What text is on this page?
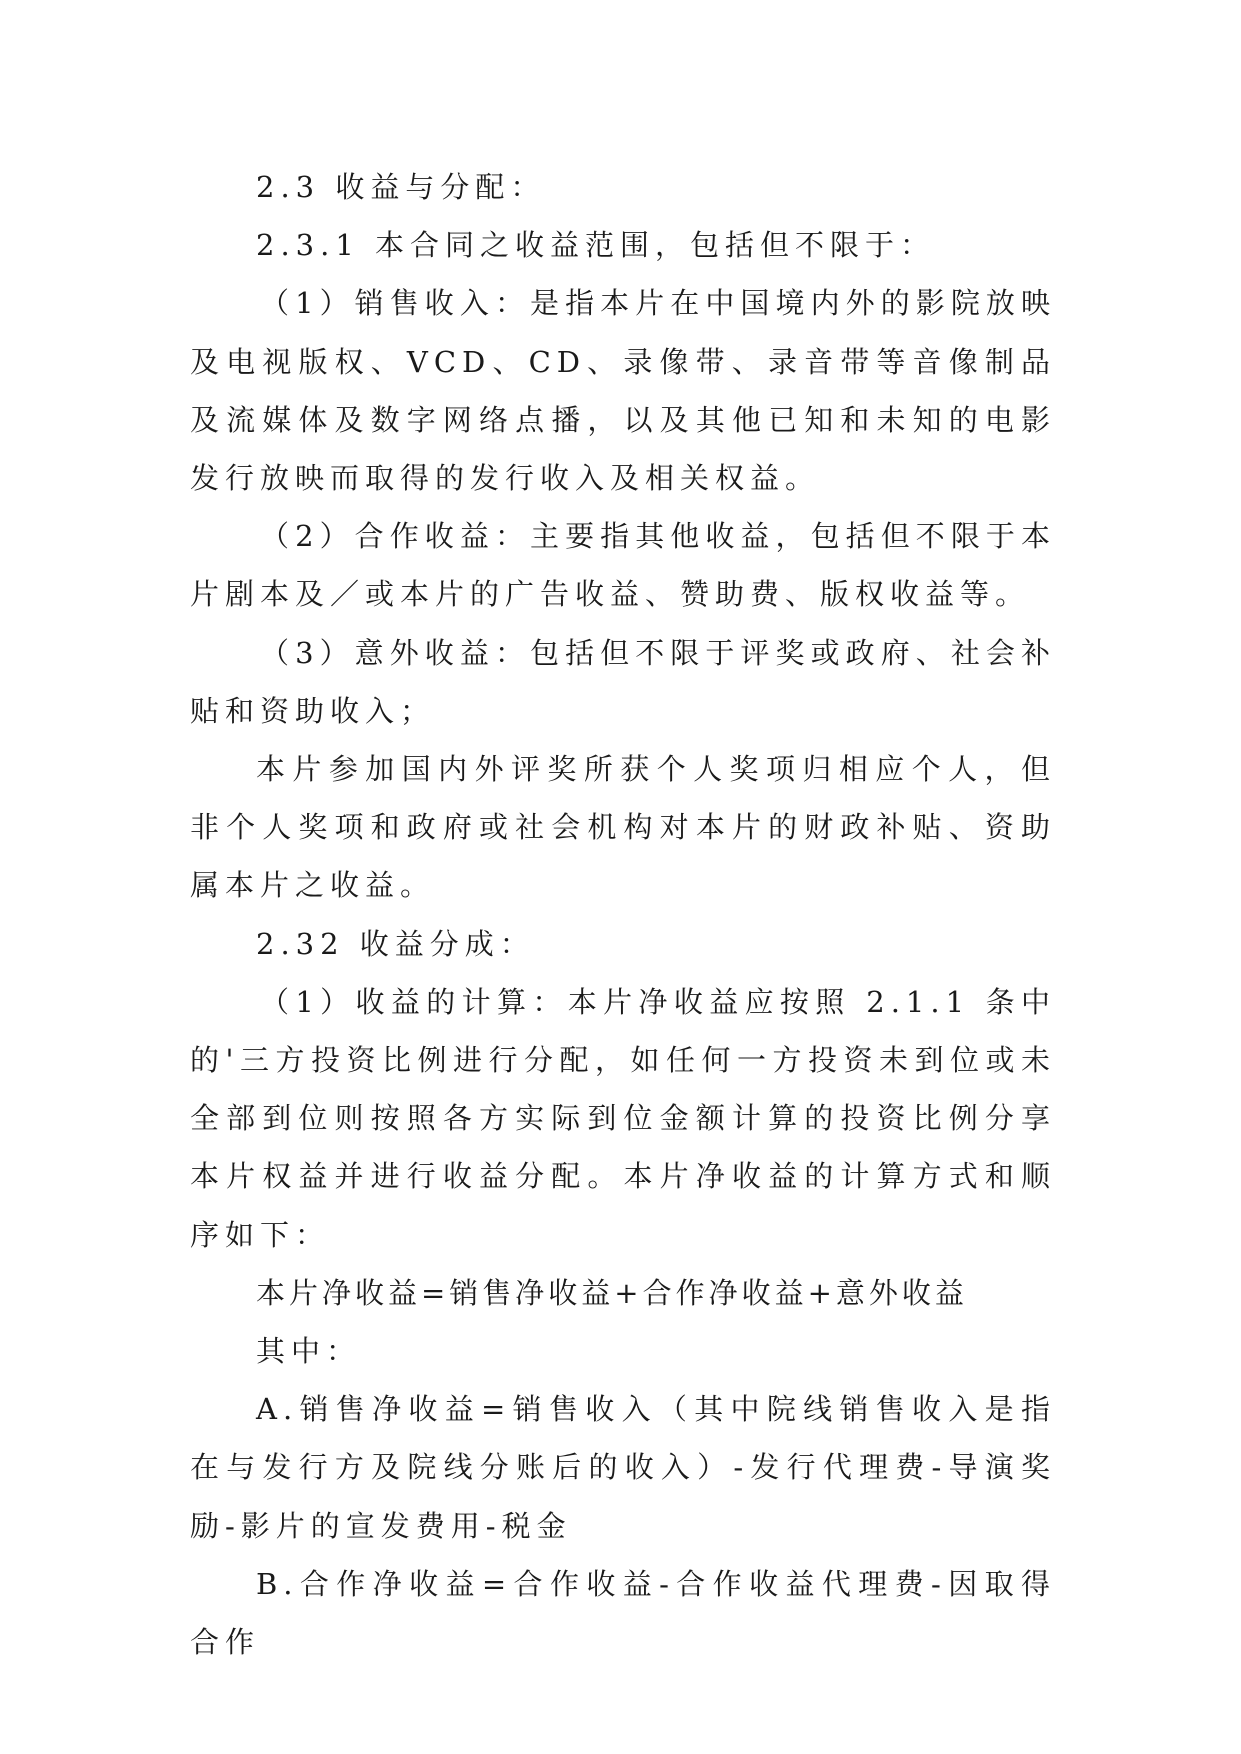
2.3 收益与分配：

2.3.1 本合同之收益范围，包括但不限于：

（1）销售收入：是指本片在中国境内外的影院放映及电视版权、VCD、CD、录像带、录音带等音像制品及流媒体及数字网络点播，以及其他已知和未知的电影发行放映而取得的发行收入及相关权益。

（2）合作收益：主要指其他收益，包括但不限于本片剧本及／或本片的广告收益、赞助费、版权收益等。

（3）意外收益：包括但不限于评奖或政府、社会补贴和资助收入；

本片参加国内外评奖所获个人奖项归相应个人，但非个人奖项和政府或社会机构对本片的财政补贴、资助属本片之收益。

2.32 收益分成：

（1）收益的计算：本片净收益应按照 2.1.1 条中的'三方投资比例进行分配，如任何一方投资未到位或未全部到位则按照各方实际到位金额计算的投资比例分享本片权益并进行收益分配。本片净收益的计算方式和顺序如下：

本片净收益=销售净收益+合作净收益+意外收益

其中：

A.销售净收益=销售收入（其中院线销售收入是指在与发行方及院线分账后的收入）-发行代理费-导演奖励-影片的宣发费用-税金

B.合作净收益=合作收益-合作收益代理费-因取得合作
